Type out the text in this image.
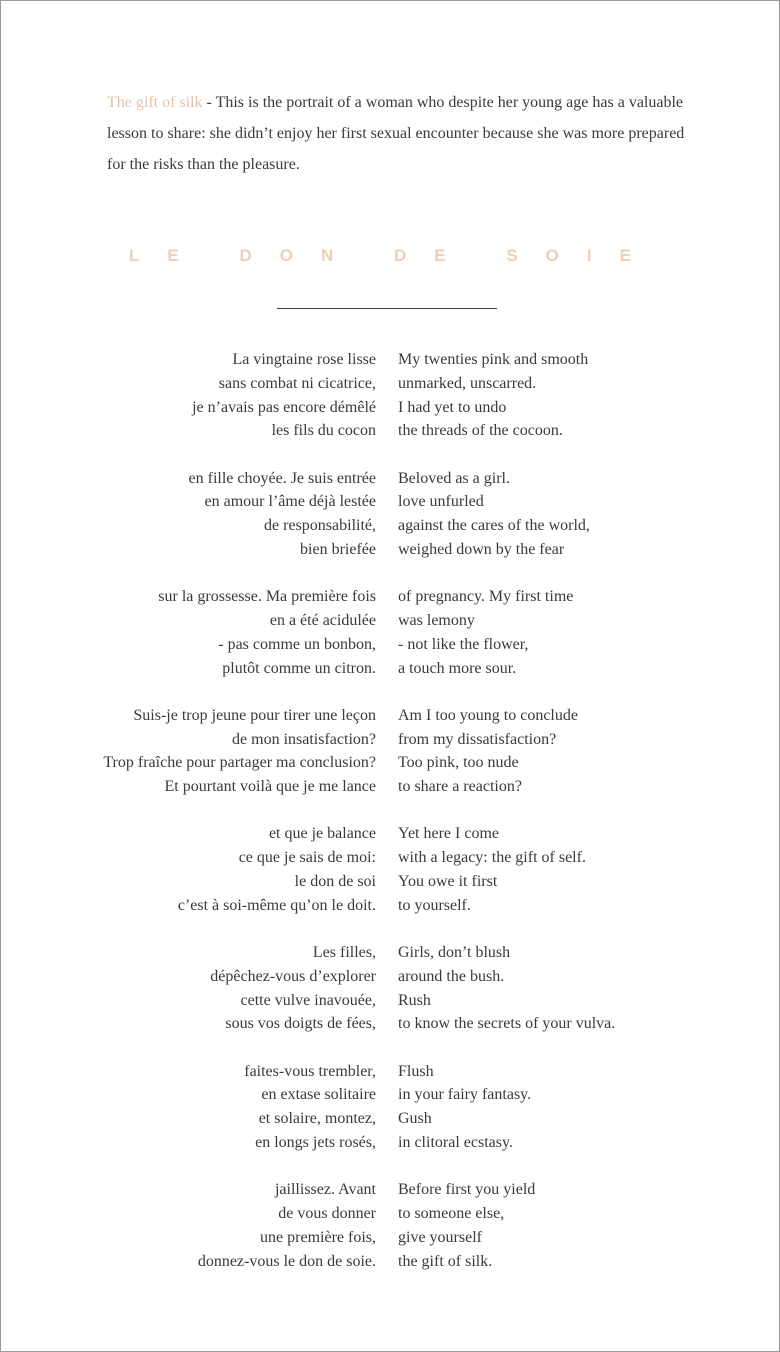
The gift of silk - This is the portrait of a woman who despite her young age has a valuable lesson to share: she didn’t enjoy her first sexual encounter because she was more prepared for the risks than the pleasure.

LE DON DE SOIE
La vingtaine rose lisse
sans combat ni cicatrice,
je n’avais pas encore démêlé
les fils du cocon
My twenties pink and smooth
unmarked, unscarred.
I had yet to undo
the threads of the cocoon.
en fille choyée. Je suis entrée
en amour l’âme déjà lestée
de responsabilité,
bien briefée
Beloved as a girl.
love unfurled
against the cares of the world,
weighed down by the fear
sur la grossesse. Ma première fois
en a été acidulée
- pas comme un bonbon,
plutôt comme un citron.
of pregnancy. My first time
was lemony
- not like the flower,
a touch more sour.
Suis-je trop jeune pour tirer une leçon
de mon insatisfaction?
Trop fraîche pour partager ma conclusion?
Et pourtant voilà que je me lance
Am I too young to conclude
from my dissatisfaction?
Too pink, too nude
to share a reaction?
et que je balance
ce que je sais de moi:
le don de soi
c’est à soi-même qu’on le doit.
Yet here I come
with a legacy: the gift of self.
You owe it first
to yourself.
Les filles,
dépêchez-vous d’explorer
cette vulve inavouée,
sous vos doigts de fées,
Girls, don’t blush
around the bush.
Rush
to know the secrets of your vulva.
faites-vous trembler,
en extase solitaire
et solaire, montez,
en longs jets rosés,
Flush
in your fairy fantasy.
Gush
in clitoral ecstasy.
jaillissez. Avant
de vous donner
une première fois,
donnez-vous le don de soie.
Before first you yield
to someone else,
give yourself
the gift of silk.
